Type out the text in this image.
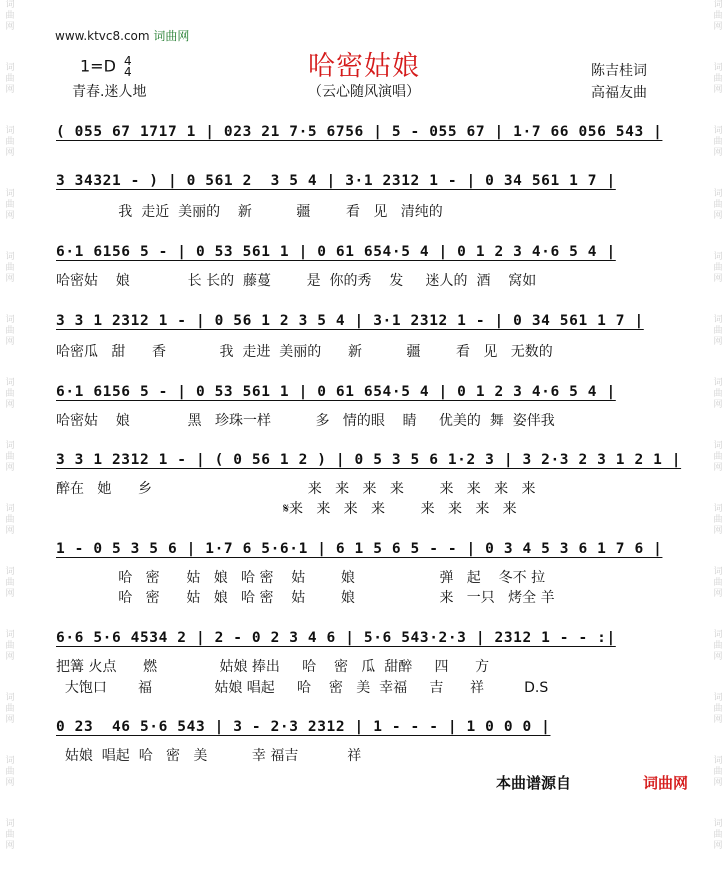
词
曲
网
词
曲
网
词
曲
网
词
曲
网
词
曲
网
词
曲
网
词
曲
网
词
曲
网
词
曲
网
词
曲
网
词
曲
网
词
曲
网
词
曲
网
词
曲
网
词
曲
网
词
曲
网
词
曲
网
词
曲
网
词
曲
网
词
曲
网
词
曲
网
词
曲
网
词
曲
网
词
曲
网
词
曲
网
词
曲
网
词
曲
网
词
曲
网
www.ktvc8.com 词曲网
哈密姑娘
1=D 4
4
青春.迷人地	（云心随风演唱）
陈吉桂词
高福友曲
( 055 67 1717 1 | 023 21 7·5 6756 | 5 - 055 67 | 1·7 66 056 543 |
3 34321 - ) | 0 561 2  3 5 4 | 3·1 2312 1 - | 0 34 561 1 7 |
我  走近  美丽的    新          疆        看   见   清纯的
6·1 6156 5 - | 0 53 561 1 | 0 61 654·5 4 | 0 1 2 3 4·6 5 4 |
哈密姑    娘             长 长的  藤蔓        是  你的秀    发     迷人的  酒    窝如
3 3 1 2312 1 - | 0 56 1 2 3 5 4 | 3·1 2312 1 - | 0 34 561 1 7 |
哈密瓜   甜      香            我  走进  美丽的      新          疆        看   见   无数的
6·1 6156 5 - | 0 53 561 1 | 0 61 654·5 4 | 0 1 2 3 4·6 5 4 |
哈密姑    娘             黑   珍珠一样          多   情的眼    睛     优美的  舞  姿伴我
3 3 1 2312 1 - | ( 0 56 1 2 ) | 0 5 3 5 6 1·2 3 | 3 2·3 2 3 1 2 1 |
醉在   她      乡                                   来   来   来   来        来   来   来   来
𝄋来   来   来   来        来   来   来   来
1 - 0 5 3 5 6 | 1·7 6 5·6·1 | 6 1 5 6 5 - - | 0 3 4 5 3 6 1 7 6 |
哈   密      姑   娘   哈 密    姑        娘                   弹   起    冬不 拉
哈   密      姑   娘   哈 密    姑        娘                   来   一只   烤全 羊
6·6 5·6 4534 2 | 2 - 0 2 3 4 6 | 5·6 543·2·3 | 2312 1 - - :|
把篝 火点      燃              姑娘 捧出     哈    密   瓜  甜醉     四      方
大饱口       福              姑娘 唱起     哈    密   美  幸福     吉      祥         D.S
0 23  46 5·6 543 | 3 - 2·3 2312 | 1 - - - | 1 0 0 0 |
姑娘  唱起  哈   密   美          幸 福吉           祥
本曲谱源自	词曲网
